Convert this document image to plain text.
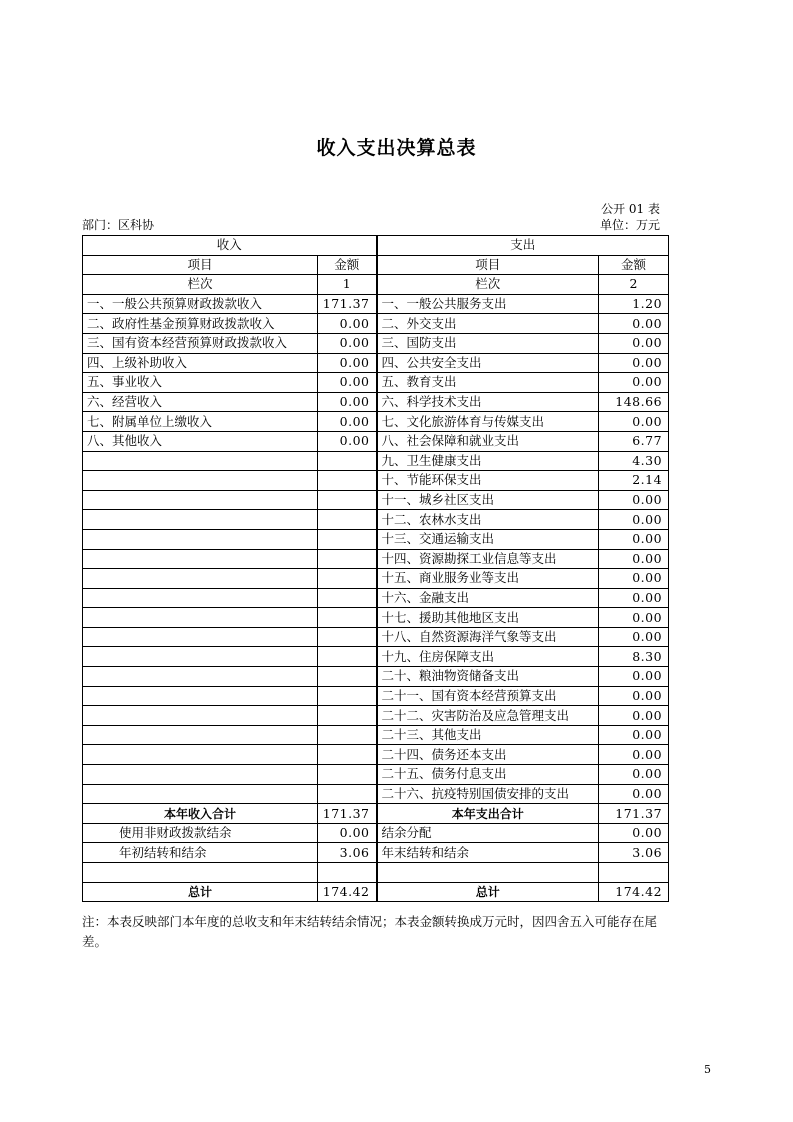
收入支出决算总表
公开 01 表
部门：区科协	单位：万元
收入		支出	
项目	金额	项目	金额
栏次	1	栏次	2
一、一般公共预算财政拨款收入	171.37	一、一般公共服务支出	1.20
二、政府性基金预算财政拨款收入	0.00	二、外交支出	0.00
三、国有资本经营预算财政拨款收入	0.00	三、国防支出	0.00
四、上级补助收入	0.00	四、公共安全支出	0.00
五、事业收入	0.00	五、教育支出	0.00
六、经营收入	0.00	六、科学技术支出	148.66
七、附属单位上缴收入	0.00	七、文化旅游体育与传媒支出	0.00
八、其他收入	0.00	八、社会保障和就业支出	6.77
		九、卫生健康支出	4.30
		十、节能环保支出	2.14
		十一、城乡社区支出	0.00
		十二、农林水支出	0.00
		十三、交通运输支出	0.00
		十四、资源勘探工业信息等支出	0.00
		十五、商业服务业等支出	0.00
		十六、金融支出	0.00
		十七、援助其他地区支出	0.00
		十八、自然资源海洋气象等支出	0.00
		十九、住房保障支出	8.30
		二十、粮油物资储备支出	0.00
		二十一、国有资本经营预算支出	0.00
		二十二、灾害防治及应急管理支出	0.00
		二十三、其他支出	0.00
		二十四、债务还本支出	0.00
		二十五、债务付息支出	0.00
		二十六、抗疫特别国债安排的支出	0.00
本年收入合计	171.37	本年支出合计	171.37
使用非财政拨款结余	0.00	结余分配	0.00
年初结转和结余	3.06	年末结转和结余	3.06

总计	174.42	总计	174.42
注：本表反映部门本年度的总收支和年末结转结余情况；本表金额转换成万元时，因四舍五入可能存在尾差。
5
